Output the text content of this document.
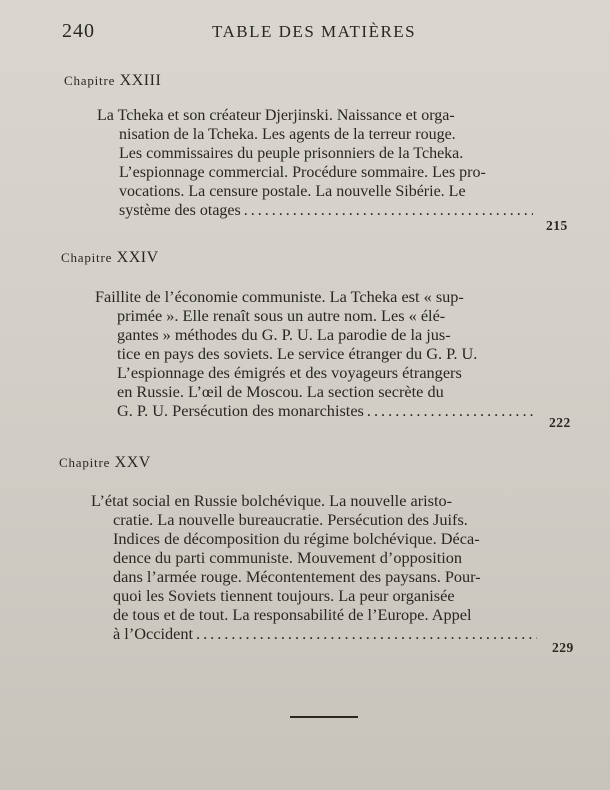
240	TABLE DES MATIÈRES
Chapitre XXIII
La Tcheka et son créateur Djerjinski. Naissance et orga-
nisation de la Tcheka. Les agents de la terreur rouge.
Les commissaires du peuple prisonniers de la Tcheka.
L’espionnage commercial. Procédure sommaire. Les pro-
vocations. La censure postale. La nouvelle Sibérie. Le
système des otages
.....
215
Chapitre XXIV
Faillite de l’économie communiste. La Tcheka est « sup-
primée ». Elle renaît sous un autre nom. Les « élé-
gantes » méthodes du G. P. U. La parodie de la jus-
tice en pays des soviets. Le service étranger du G. P. U.
L’espionnage des émigrés et des voyageurs étrangers
en Russie. L’œil de Moscou. La section secrète du
G. P. U. Persécution des monarchistes
.....
222
Chapitre XXV
L’état social en Russie bolchévique. La nouvelle aristo-
cratie. La nouvelle bureaucratie. Persécution des Juifs.
Indices de décomposition du régime bolchévique. Déca-
dence du parti communiste. Mouvement d’opposition
dans l’armée rouge. Mécontentement des paysans. Pour-
quoi les Soviets tiennent toujours. La peur organisée
de tous et de tout. La responsabilité de l’Europe. Appel
à l’Occident
.....
229
